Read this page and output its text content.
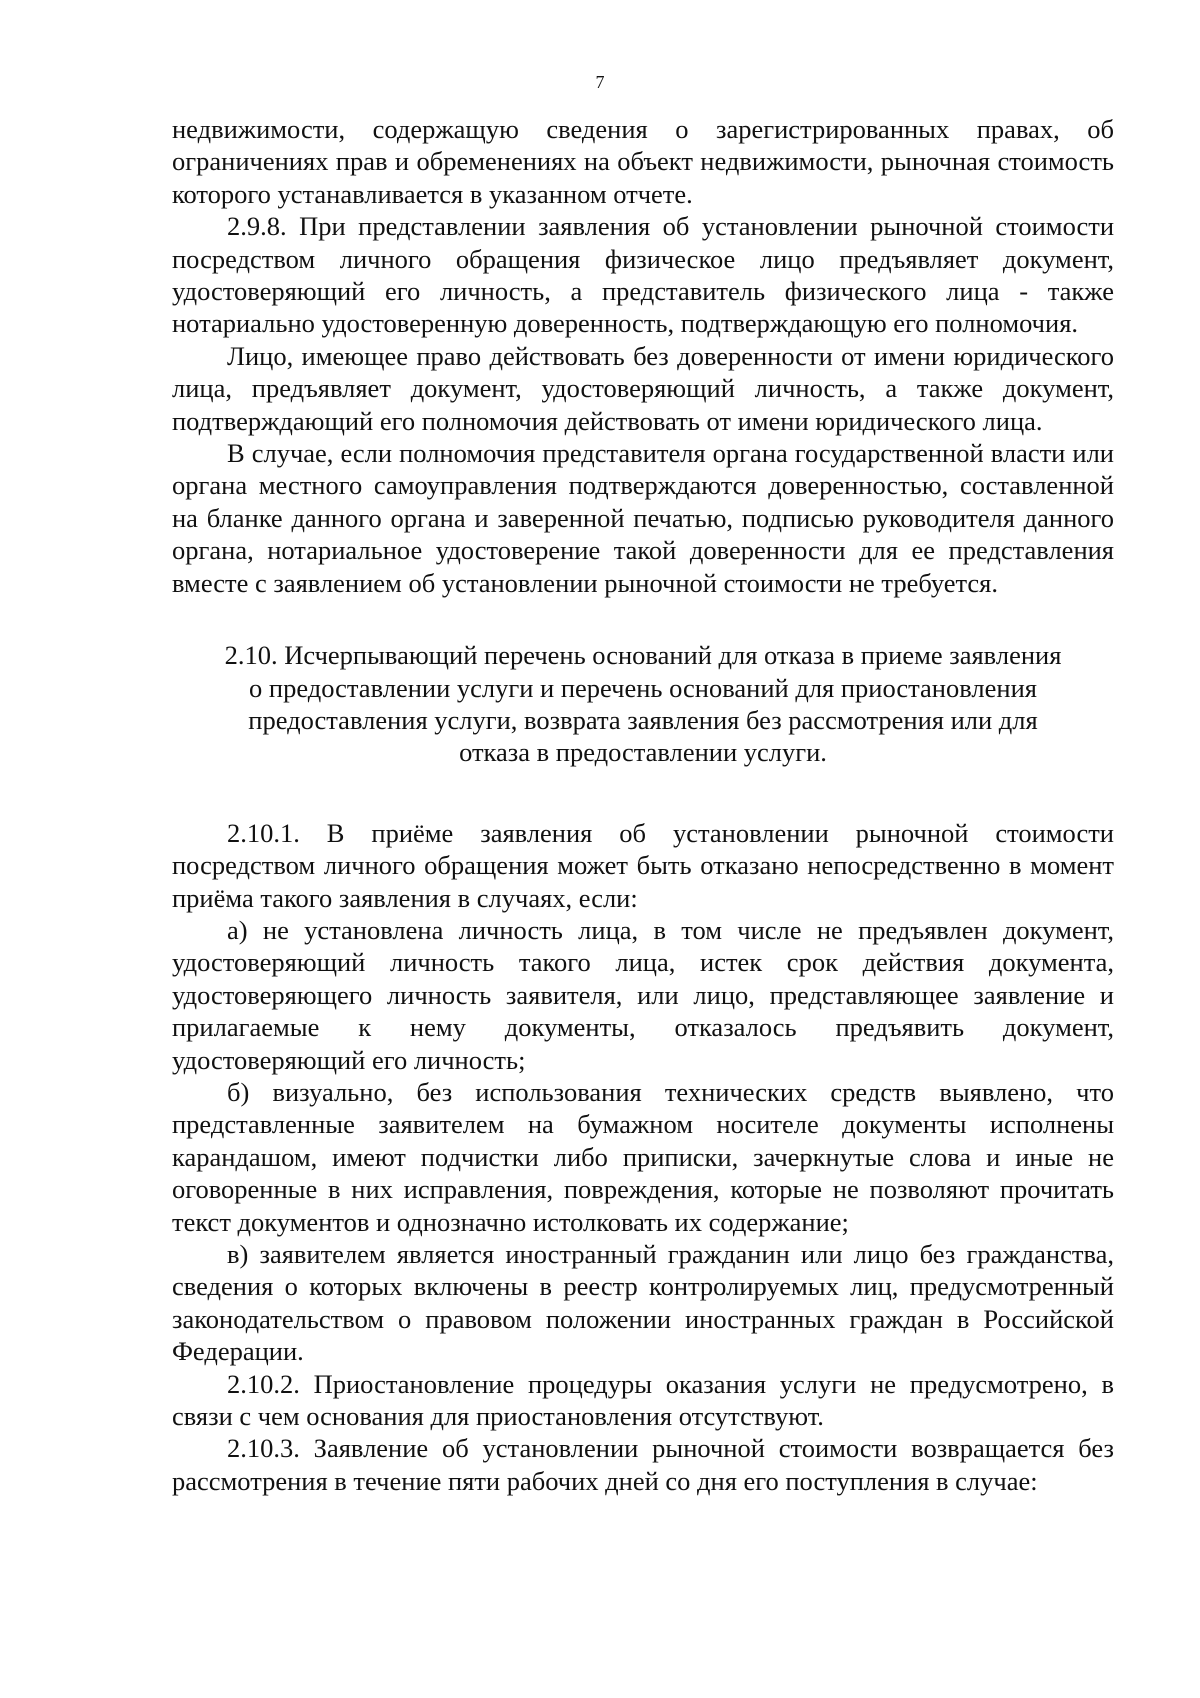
7

недвижимости, содержащую сведения о зарегистрированных правах, об ограничениях прав и обременениях на объект недвижимости, рыночная стоимость которого устанавливается в указанном отчете.

2.9.8. При представлении заявления об установлении рыночной стоимости посредством личного обращения физическое лицо предъявляет документ, удостоверяющий его личность, а представитель физического лица - также нотариально удостоверенную доверенность, подтверждающую его полномочия.

Лицо, имеющее право действовать без доверенности от имени юридического лица, предъявляет документ, удостоверяющий личность, а также документ, подтверждающий его полномочия действовать от имени юридического лица.

В случае, если полномочия представителя органа государственной власти или органа местного самоуправления подтверждаются доверенностью, составленной на бланке данного органа и заверенной печатью, подписью руководителя данного органа, нотариальное удостоверение такой доверенности для ее представления вместе с заявлением об установлении рыночной стоимости не требуется.

2.10. Исчерпывающий перечень оснований для отказа в приеме заявления о предоставлении услуги и перечень оснований для приостановления предоставления услуги, возврата заявления без рассмотрения или для отказа в предоставлении услуги.

2.10.1. В приёме заявления об установлении рыночной стоимости посредством личного обращения может быть отказано непосредственно в момент приёма такого заявления в случаях, если:

а) не установлена личность лица, в том числе не предъявлен документ, удостоверяющий личность такого лица, истек срок действия документа, удостоверяющего личность заявителя, или лицо, представляющее заявление и прилагаемые к нему документы, отказалось предъявить документ, удостоверяющий его личность;

б) визуально, без использования технических средств выявлено, что представленные заявителем на бумажном носителе документы исполнены карандашом, имеют подчистки либо приписки, зачеркнутые слова и иные не оговоренные в них исправления, повреждения, которые не позволяют прочитать текст документов и однозначно истолковать их содержание;

в) заявителем является иностранный гражданин или лицо без гражданства, сведения о которых включены в реестр контролируемых лиц, предусмотренный законодательством о правовом положении иностранных граждан в Российской Федерации.

2.10.2. Приостановление процедуры оказания услуги не предусмотрено, в связи с чем основания для приостановления отсутствуют.

2.10.3. Заявление об установлении рыночной стоимости возвращается без рассмотрения в течение пяти рабочих дней со дня его поступления в случае:
